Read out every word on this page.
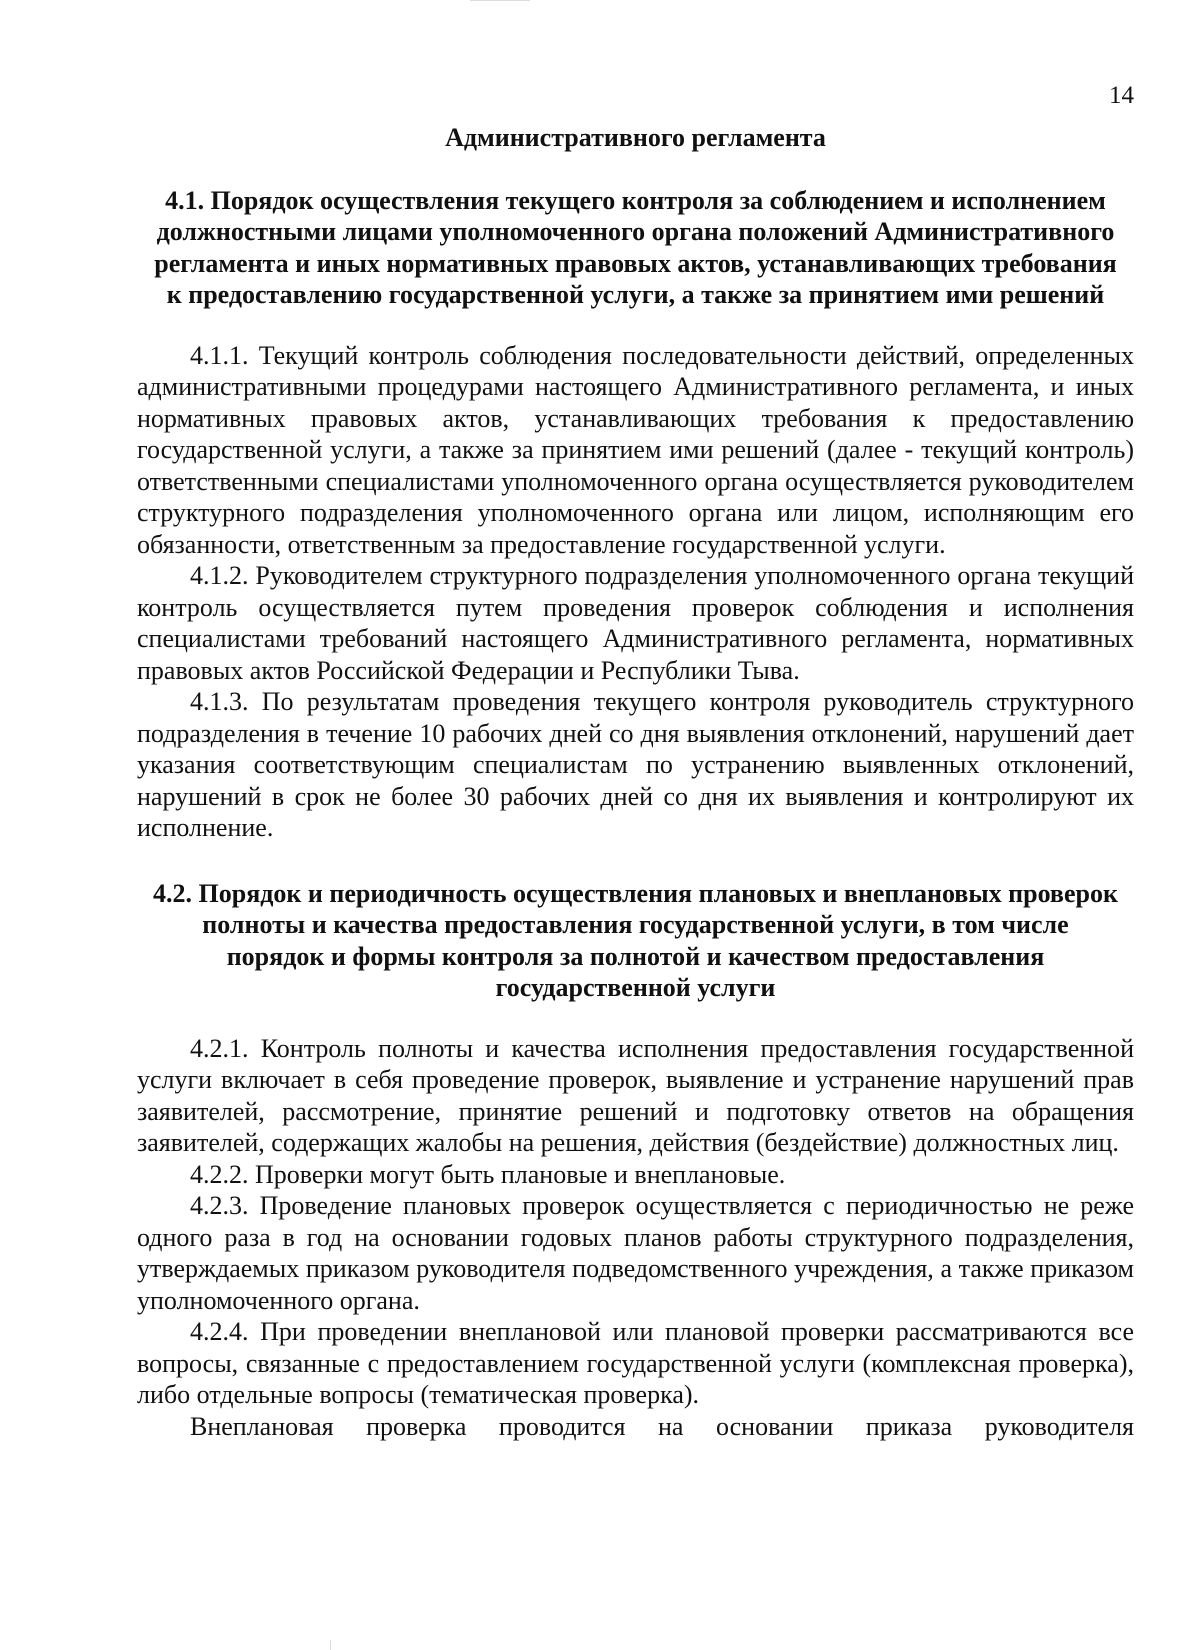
14
Административного регламента
4.1. Порядок осуществления текущего контроля за соблюдением и исполнением должностными лицами уполномоченного органа положений Административного регламента и иных нормативных правовых актов, устанавливающих требования к предоставлению государственной услуги, а также за принятием ими решений

4.1.1. Текущий контроль соблюдения последовательности действий, определенных административными процедурами настоящего Административного регламента, и иных нормативных правовых актов, устанавливающих требования к предоставлению государственной услуги, а также за принятием ими решений (далее - текущий контроль) ответственными специалистами уполномоченного органа осуществляется руководителем структурного подразделения уполномоченного органа или лицом, исполняющим его обязанности, ответственным за предоставление государственной услуги.

4.1.2. Руководителем структурного подразделения уполномоченного органа текущий контроль осуществляется путем проведения проверок соблюдения и исполнения специалистами требований настоящего Административного регламента, нормативных правовых актов Российской Федерации и Республики Тыва.

4.1.3. По результатам проведения текущего контроля руководитель структурного подразделения в течение 10 рабочих дней со дня выявления отклонений, нарушений дает указания соответствующим специалистам по устранению выявленных отклонений, нарушений в срок не более 30 рабочих дней со дня их выявления и контролируют их исполнение.

4.2. Порядок и периодичность осуществления плановых и внеплановых проверок полноты и качества предоставления государственной услуги, в том числе порядок и формы контроля за полнотой и качеством предоставления государственной услуги

4.2.1. Контроль полноты и качества исполнения предоставления государственной услуги включает в себя проведение проверок, выявление и устранение нарушений прав заявителей, рассмотрение, принятие решений и подготовку ответов на обращения заявителей, содержащих жалобы на решения, действия (бездействие) должностных лиц.

4.2.2. Проверки могут быть плановые и внеплановые.

4.2.3. Проведение плановых проверок осуществляется с периодичностью не реже одного раза в год на основании годовых планов работы структурного подразделения, утверждаемых приказом руководителя подведомственного учреждения, а также приказом уполномоченного органа.

4.2.4. При проведении внеплановой или плановой проверки рассматриваются все вопросы, связанные с предоставлением государственной услуги (комплексная проверка), либо отдельные вопросы (тематическая проверка).

Внеплановая проверка проводится на основании приказа руководителя
